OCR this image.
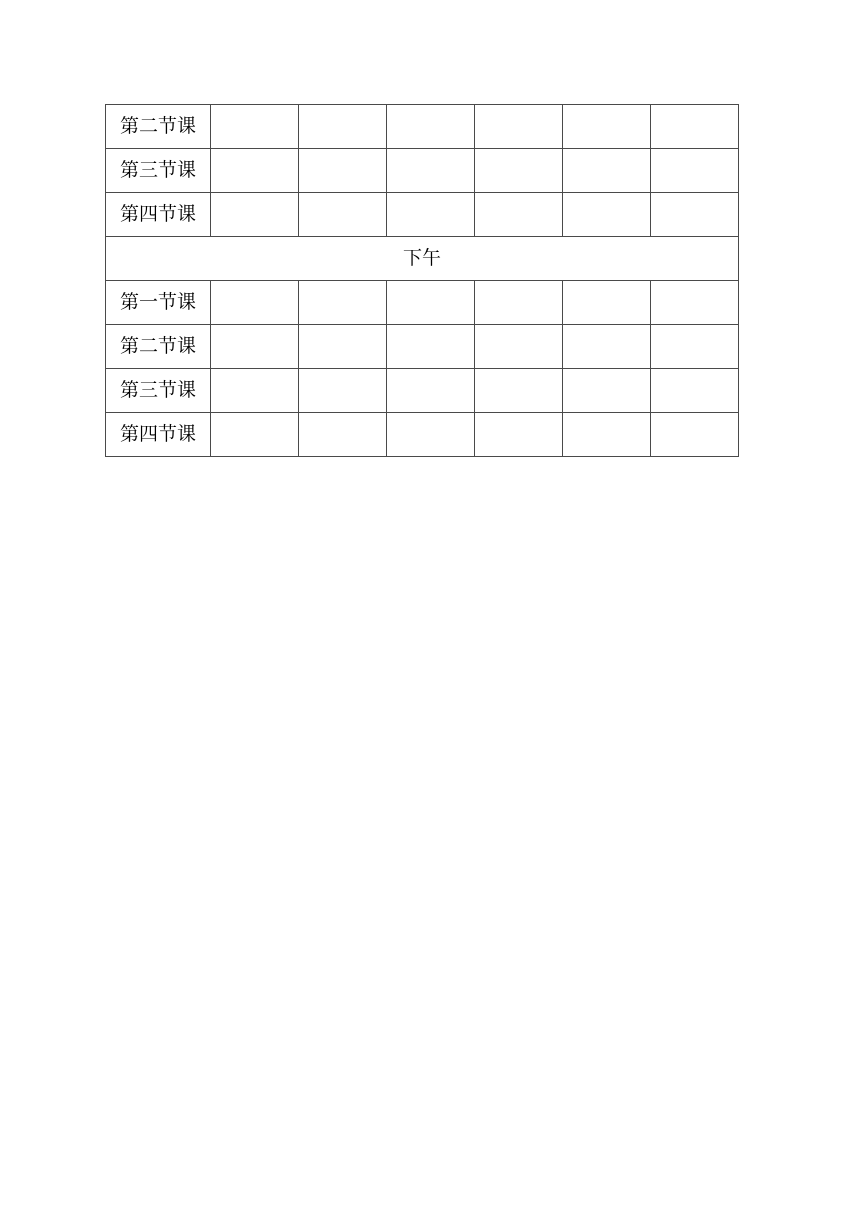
第二节课						
第三节课						
第四节课						
下午						
第一节课						
第二节课						
第三节课						
第四节课						
